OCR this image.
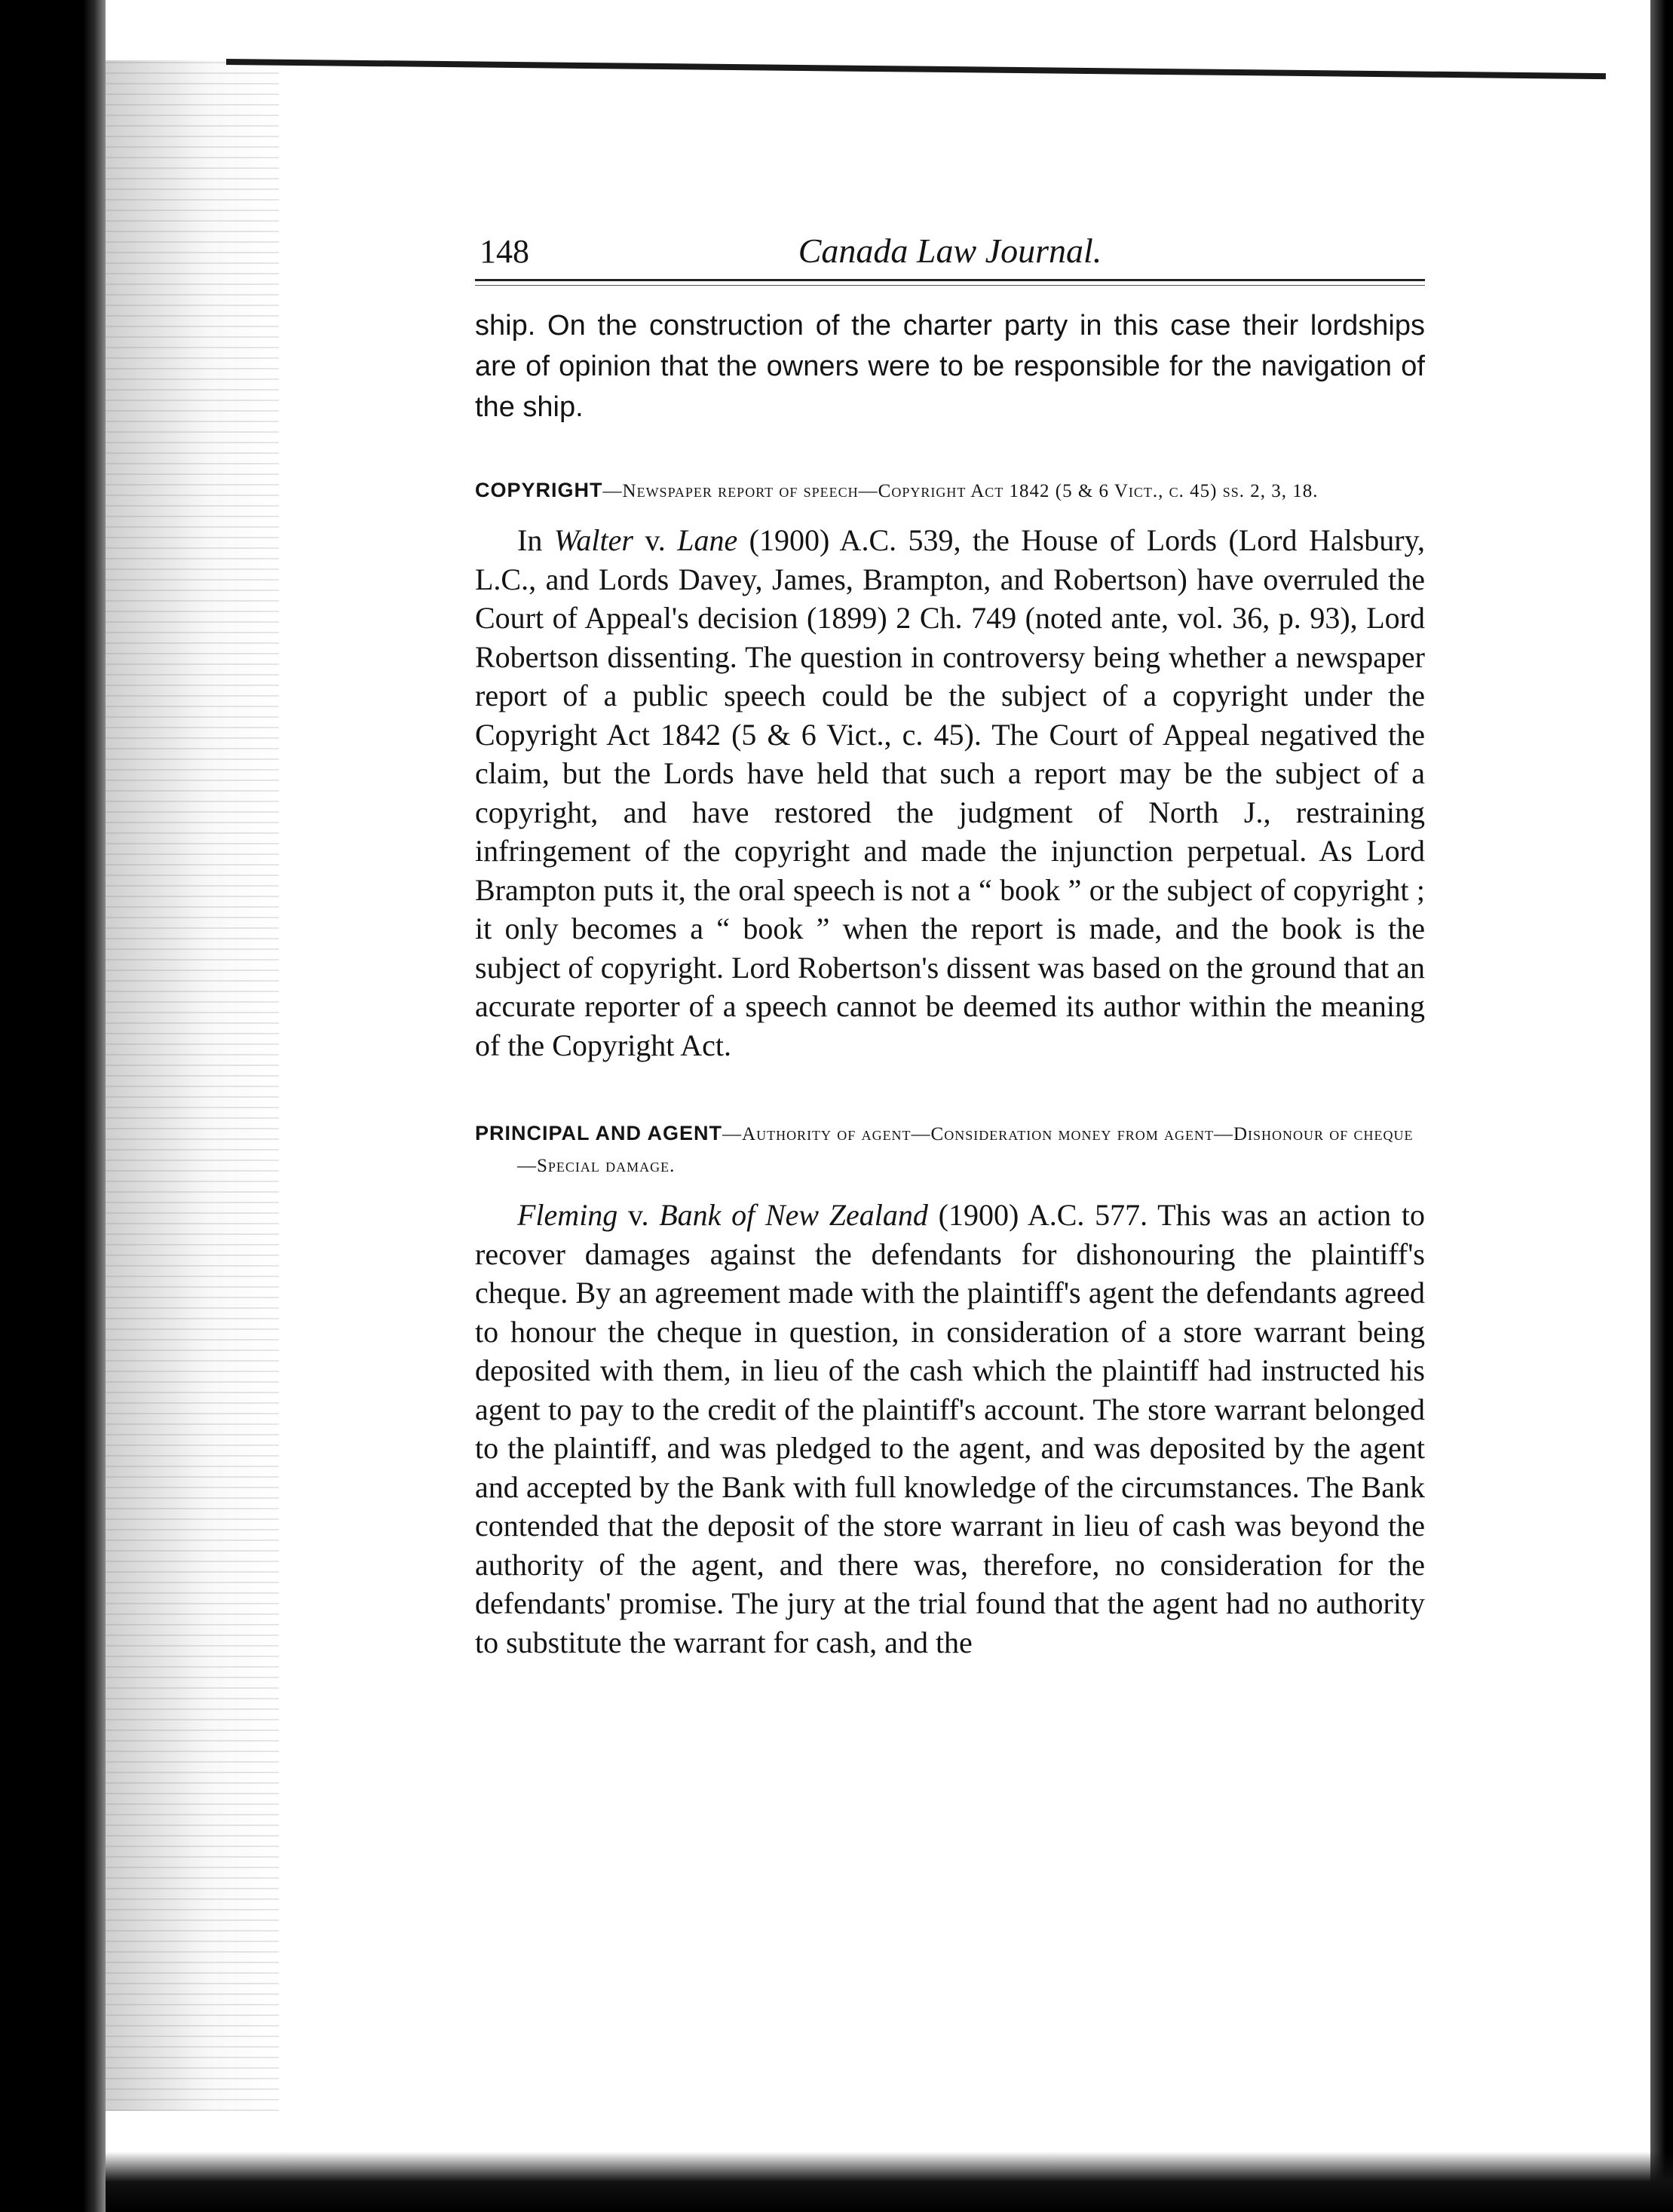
148	Canada Law Journal.

ship. On the construction of the charter party in this case their lordships are of opinion that the owners were to be responsible for the navigation of the ship.

COPYRIGHT—Newspaper report of speech—Copyright Act 1842 (5 & 6 Vict., c. 45) ss. 2, 3, 18.

In Walter v. Lane (1900) A.C. 539, the House of Lords (Lord Halsbury, L.C., and Lords Davey, James, Brampton, and Robertson) have overruled the Court of Appeal's decision (1899) 2 Ch. 749 (noted ante, vol. 36, p. 93), Lord Robertson dissenting. The question in controversy being whether a newspaper report of a public speech could be the subject of a copyright under the Copyright Act 1842 (5 & 6 Vict., c. 45). The Court of Appeal negatived the claim, but the Lords have held that such a report may be the subject of a copyright, and have restored the judgment of North J., restraining infringement of the copyright and made the injunction perpetual. As Lord Brampton puts it, the oral speech is not a “ book ” or the subject of copyright ; it only becomes a “ book ” when the report is made, and the book is the subject of copyright. Lord Robertson's dissent was based on the ground that an accurate reporter of a speech cannot be deemed its author within the meaning of the Copyright Act.

PRINCIPAL AND AGENT—Authority of agent—Consideration money from agent—Dishonour of cheque—Special damage.

Fleming v. Bank of New Zealand (1900) A.C. 577. This was an action to recover damages against the defendants for dishonouring the plaintiff's cheque. By an agreement made with the plaintiff's agent the defendants agreed to honour the cheque in question, in consideration of a store warrant being deposited with them, in lieu of the cash which the plaintiff had instructed his agent to pay to the credit of the plaintiff's account. The store warrant belonged to the plaintiff, and was pledged to the agent, and was deposited by the agent and accepted by the Bank with full knowledge of the circumstances. The Bank contended that the deposit of the store warrant in lieu of cash was beyond the authority of the agent, and there was, therefore, no consideration for the defendants' promise. The jury at the trial found that the agent had no authority to substitute the warrant for cash, and the
